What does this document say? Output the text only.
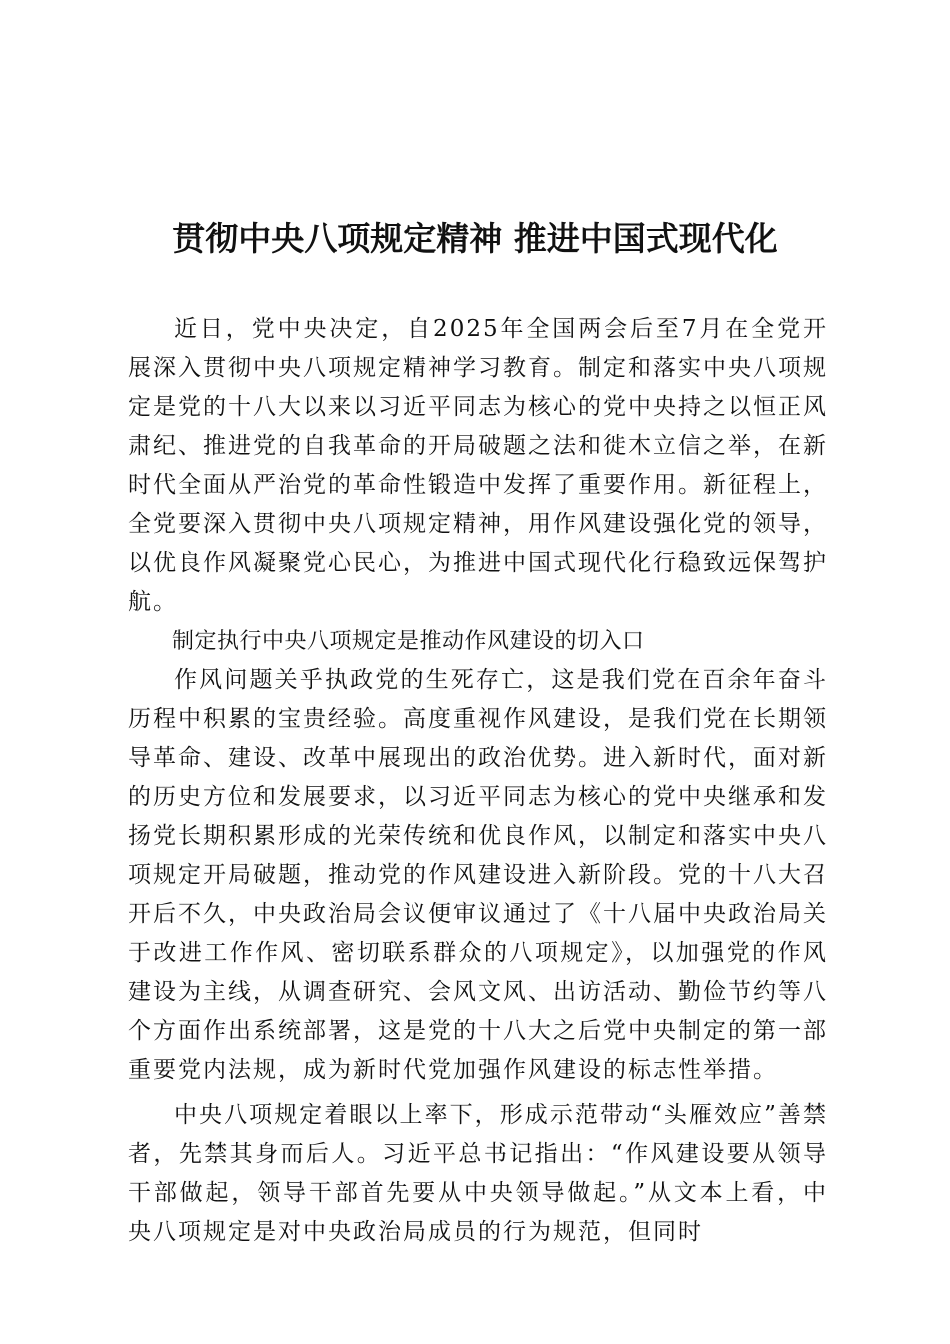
贯彻中央八项规定精神 推进中国式现代化

近日，党中央决定，自2025年全国两会后至7月在全党开展深入贯彻中央八项规定精神学习教育。制定和落实中央八项规定是党的十八大以来以习近平同志为核心的党中央持之以恒正风肃纪、推进党的自我革命的开局破题之法和徙木立信之举，在新时代全面从严治党的革命性锻造中发挥了重要作用。新征程上，全党要深入贯彻中央八项规定精神，用作风建设强化党的领导，以优良作风凝聚党心民心，为推进中国式现代化行稳致远保驾护航。

制定执行中央八项规定是推动作风建设的切入口

作风问题关乎执政党的生死存亡，这是我们党在百余年奋斗历程中积累的宝贵经验。高度重视作风建设，是我们党在长期领导革命、建设、改革中展现出的政治优势。进入新时代，面对新的历史方位和发展要求，以习近平同志为核心的党中央继承和发扬党长期积累形成的光荣传统和优良作风，以制定和落实中央八项规定开局破题，推动党的作风建设进入新阶段。党的十八大召开后不久，中央政治局会议便审议通过了《十八届中央政治局关于改进工作作风、密切联系群众的八项规定》，以加强党的作风建设为主线，从调查研究、会风文风、出访活动、勤俭节约等八个方面作出系统部署，这是党的十八大之后党中央制定的第一部重要党内法规，成为新时代党加强作风建设的标志性举措。

中央八项规定着眼以上率下，形成示范带动“头雁效应”善禁者，先禁其身而后人。习近平总书记指出：“作风建设要从领导干部做起，领导干部首先要从中央领导做起。”从文本上看，中央八项规定是对中央政治局成员的行为规范，但同时
